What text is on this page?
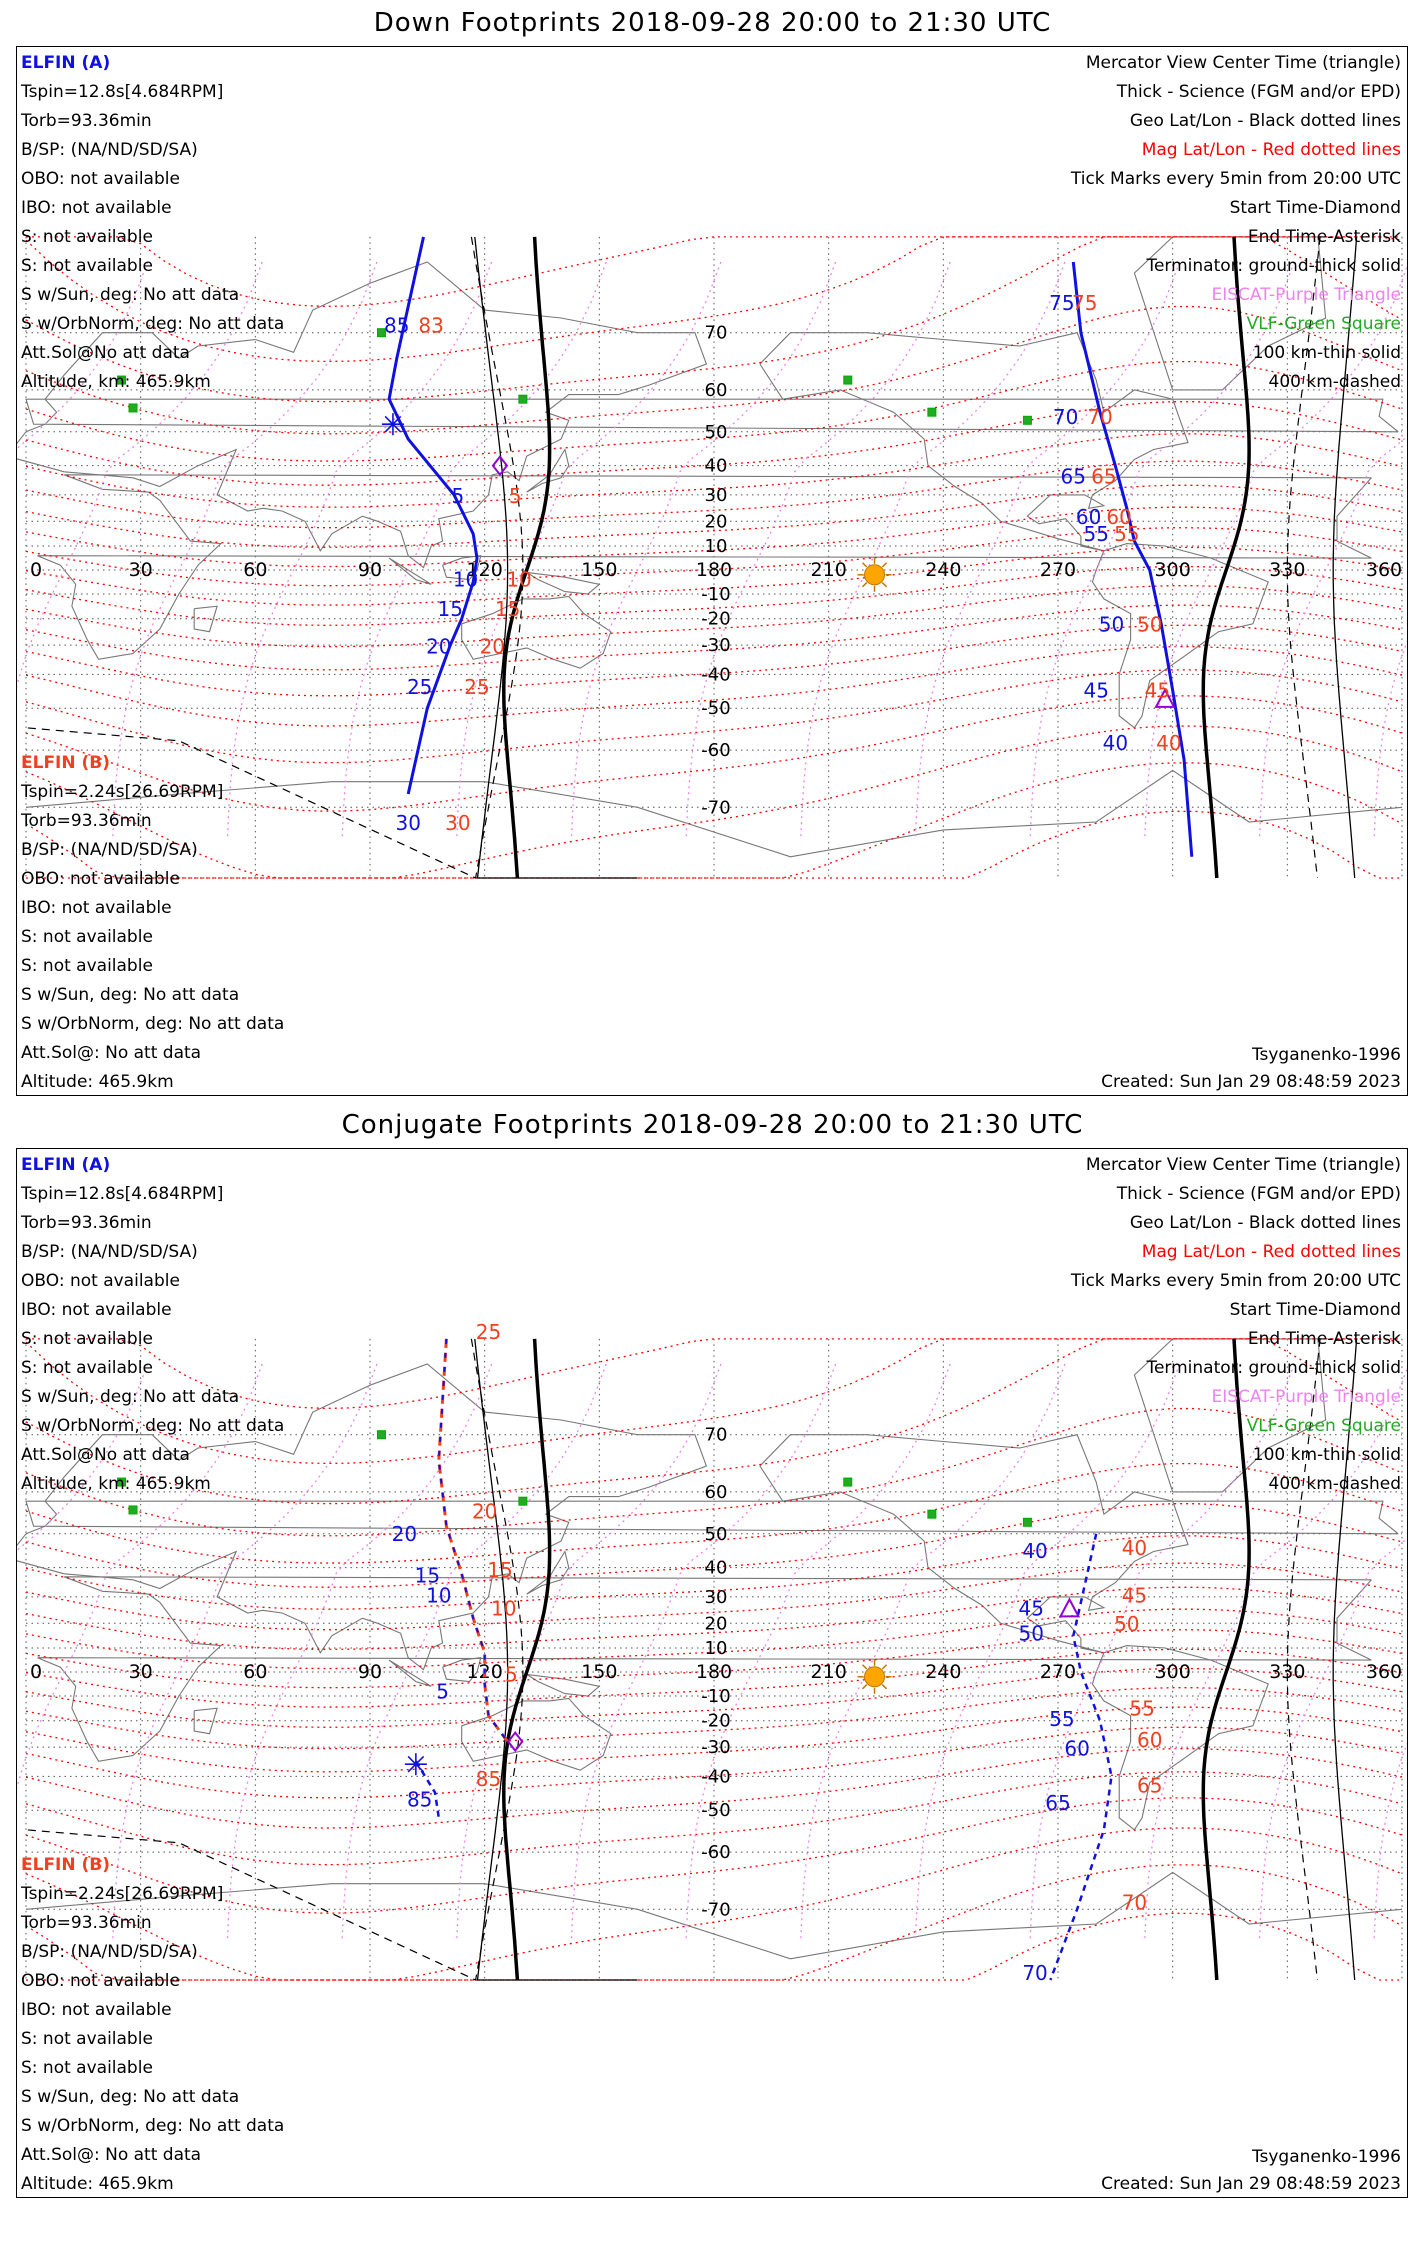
Down Footprints 2018-09-28 20:00 to 21:30 UTC
0	30	60	90	120	150	180	210	240	270	300	330	360
70
60
50
40
30
20
10
-10
-20
-30
-40
-50
-60
-70
85
5
10
15
20
25
30
75
70
65
60
55
50
45
40
83
5
10
15
20
25
30
75
70
65
60
55
50
45
40
ELFIN (A)
Tspin=12.8s[4.684RPM]
Torb=93.36min
B/SP: (NA/ND/SD/SA)
OBO: not available
IBO: not available
S: not available
S: not available
S w/Sun, deg: No att data
S w/OrbNorm, deg: No att data
Att.Sol@No att data
Altitude, km: 465.9km
ELFIN (B)
Tspin=2.24s[26.69RPM]
Torb=93.36min
B/SP: (NA/ND/SD/SA)
OBO: not available
IBO: not available
S: not available
S: not available
S w/Sun, deg: No att data
S w/OrbNorm, deg: No att data
Att.Sol@: No att data
Altitude: 465.9km
Mercator View Center Time (triangle)
Thick - Science (FGM and/or EPD)
Geo Lat/Lon - Black dotted lines
Mag Lat/Lon - Red dotted lines
Tick Marks every 5min from 20:00 UTC
Start Time-Diamond
End Time-Asterisk
Terminator: ground-thick solid
EISCAT-Purple Triangle
VLF-Green Square
100 km-thin solid
400 km-dashed
Tsyganenko-1996
Created: Sun Jan 29 08:48:59 2023
Conjugate Footprints 2018-09-28 20:00 to 21:30 UTC
0	30	60	90	120	150	180	210	240	270	300	330	360
70
60
50
40
30
20
10
-10
-20
-30
-40
-50
-60
-70
20
15
10
5
85
40
45
50
55
60
65
70
25
20
15
10
5
85
40
45
50
55
60
65
70
ELFIN (A)
Tspin=12.8s[4.684RPM]
Torb=93.36min
B/SP: (NA/ND/SD/SA)
OBO: not available
IBO: not available
S: not available
S: not available
S w/Sun, deg: No att data
S w/OrbNorm, deg: No att data
Att.Sol@No att data
Altitude, km: 465.9km
ELFIN (B)
Tspin=2.24s[26.69RPM]
Torb=93.36min
B/SP: (NA/ND/SD/SA)
OBO: not available
IBO: not available
S: not available
S: not available
S w/Sun, deg: No att data
S w/OrbNorm, deg: No att data
Att.Sol@: No att data
Altitude: 465.9km
Mercator View Center Time (triangle)
Thick - Science (FGM and/or EPD)
Geo Lat/Lon - Black dotted lines
Mag Lat/Lon - Red dotted lines
Tick Marks every 5min from 20:00 UTC
Start Time-Diamond
End Time-Asterisk
Terminator: ground-thick solid
EISCAT-Purple Triangle
VLF-Green Square
100 km-thin solid
400 km-dashed
Tsyganenko-1996
Created: Sun Jan 29 08:48:59 2023
